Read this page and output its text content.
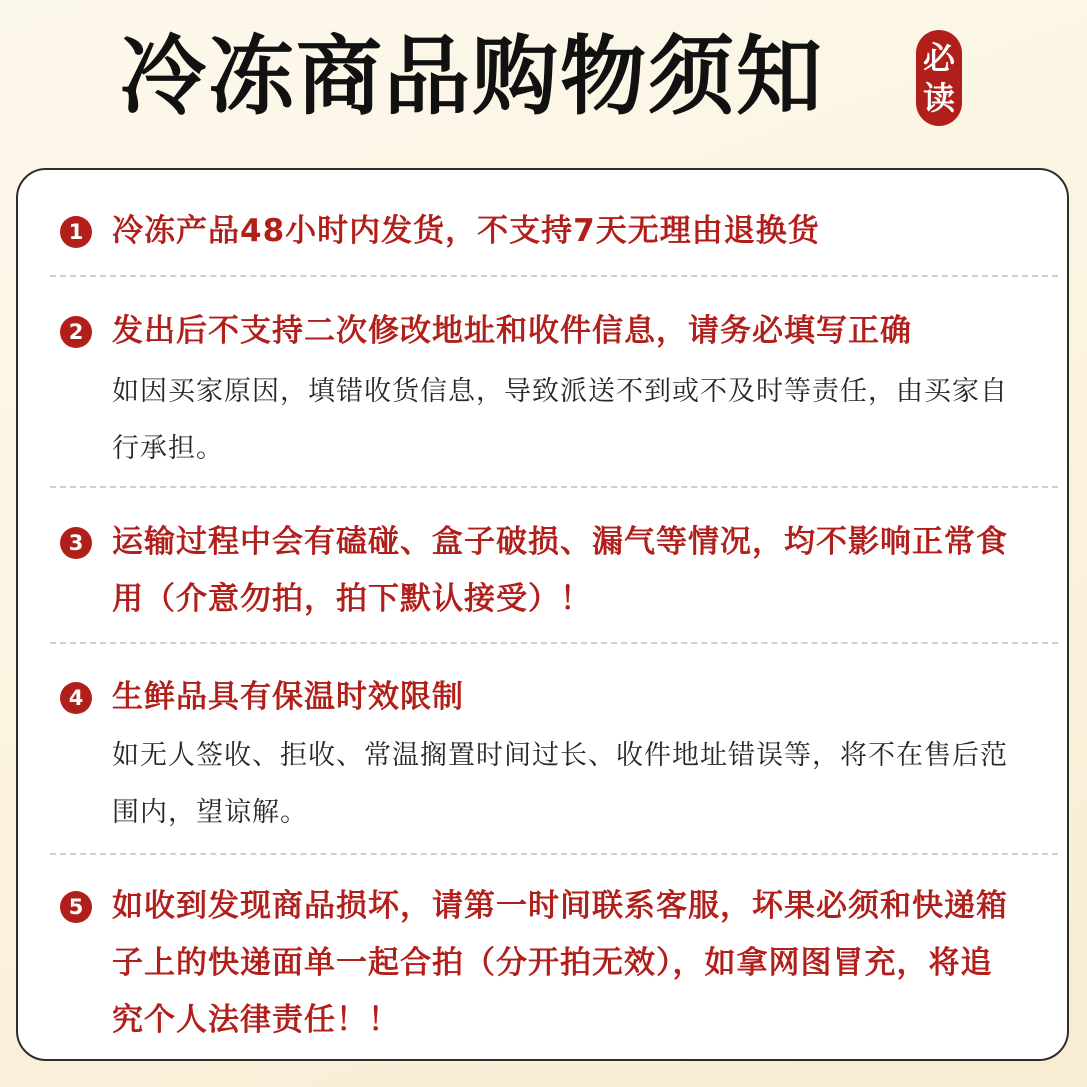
冷冻商品购物须知	必
读
1 冷冻产品48小时内发货，不支持7天无理由退换货
2 发出后不支持二次修改地址和收件信息，请务必填写正确
如因买家原因，填错收货信息，导致派送不到或不及时等责任，由买家自行承担。
3 运输过程中会有磕碰、盒子破损、漏气等情况，均不影响正常食用（介意勿拍，拍下默认接受）！
4 生鲜品具有保温时效限制
如无人签收、拒收、常温搁置时间过长、收件地址错误等，将不在售后范围内，望谅解。
5 如收到发现商品损坏，请第一时间联系客服，坏果必须和快递箱子上的快递面单一起合拍（分开拍无效），如拿网图冒充，将追究个人法律责任！！
